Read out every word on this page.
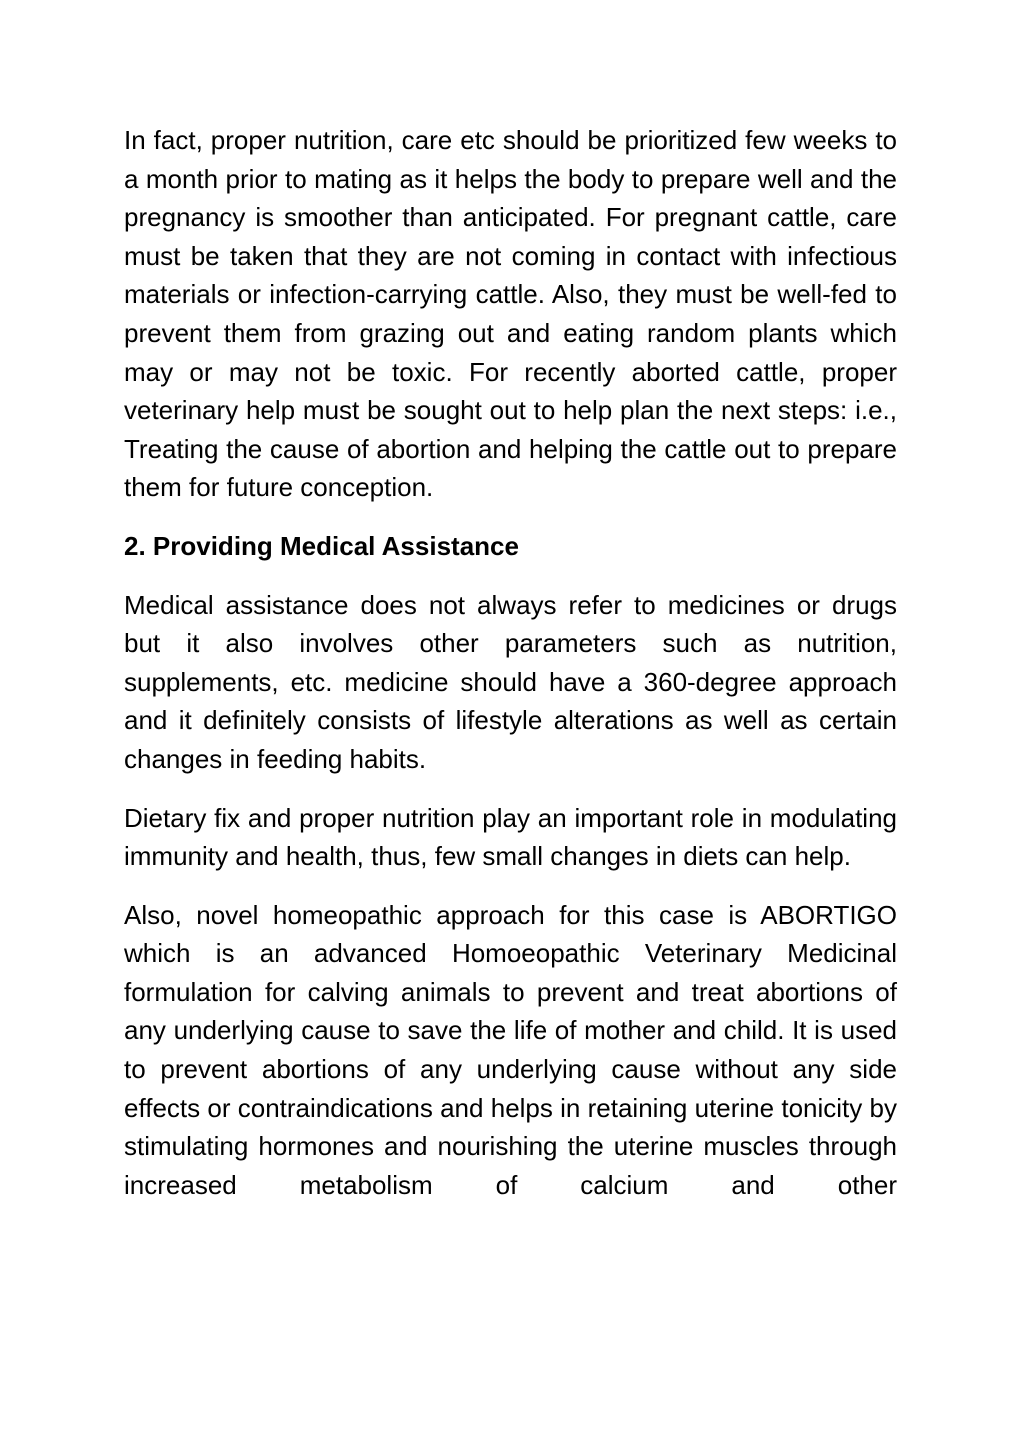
In fact, proper nutrition, care etc should be prioritized few weeks to a month prior to mating as it helps the body to prepare well and the pregnancy is smoother than anticipated. For pregnant cattle, care must be taken that they are not coming in contact with infectious materials or infection-carrying cattle. Also, they must be well-fed to prevent them from grazing out and eating random plants which may or may not be toxic. For recently aborted cattle, proper veterinary help must be sought out to help plan the next steps: i.e., Treating the cause of abortion and helping the cattle out to prepare them for future conception.

2. Providing Medical Assistance

Medical assistance does not always refer to medicines or drugs but it also involves other parameters such as nutrition, supplements, etc. medicine should have a 360-degree approach and it definitely consists of lifestyle alterations as well as certain changes in feeding habits.

Dietary fix and proper nutrition play an important role in modulating immunity and health, thus, few small changes in diets can help.

Also, novel homeopathic approach for this case is ABORTIGO which is an advanced Homoeopathic Veterinary Medicinal formulation for calving animals to prevent and treat abortions of any underlying cause to save the life of mother and child. It is used to prevent abortions of any underlying cause without any side effects or contraindications and helps in retaining uterine tonicity by stimulating hormones and nourishing the uterine muscles through increased metabolism of calcium and other
